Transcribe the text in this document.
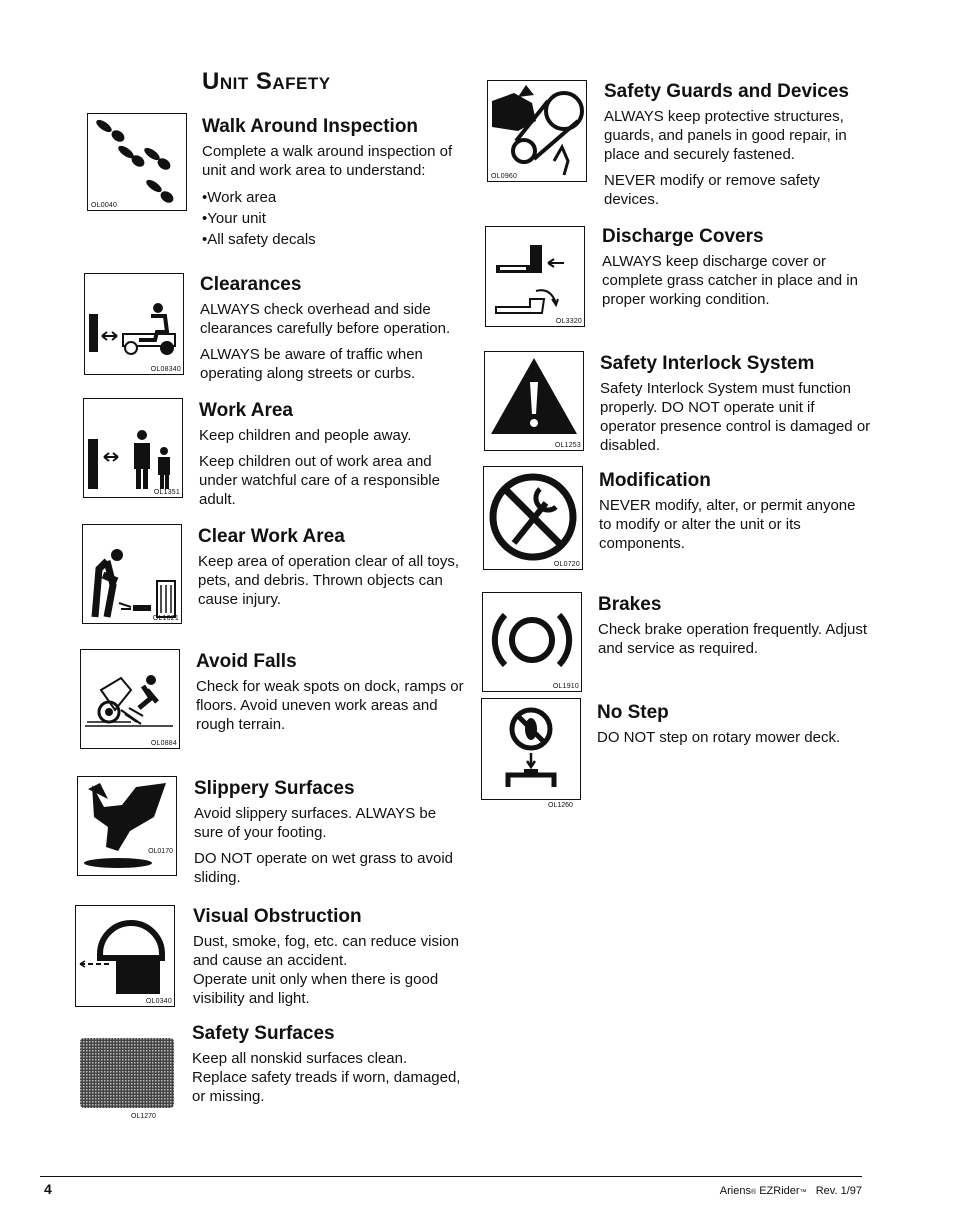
Unit Safety
OL0040
Walk Around Inspection

Complete a walk around inspection of unit and work area to understand:

• Work area
• Your unit
• All safety decals
OL08340
Clearances

ALWAYS check overhead and side clearances carefully before operation.

ALWAYS be aware of traffic when operating along streets or curbs.

OL1351
Work Area

Keep children and people away.

Keep children out of work area and under watchful care of a responsible adult.

OL1021
Clear Work Area

Keep area of operation clear of all toys, pets, and debris. Thrown objects can cause injury.

OL0884
Avoid Falls

Check for weak spots on dock, ramps or floors. Avoid uneven work areas and rough terrain.

OL0170
Slippery Surfaces

Avoid slippery surfaces. ALWAYS be sure of your footing.

DO NOT operate on wet grass to avoid sliding.

OL0340
Visual Obstruction

Dust, smoke, fog, etc. can reduce vision and cause an accident.

Operate unit only when there is good visibility and light.

OL1270
Safety Surfaces

Keep all nonskid surfaces clean. Replace safety treads if worn, damaged, or missing.

OL0960
Safety Guards and Devices

ALWAYS keep protective structures, guards, and panels in good repair, in place and securely fastened.

NEVER modify or remove safety devices.

OL3320
Discharge Covers

ALWAYS keep discharge cover or complete grass catcher in place and in proper working condition.

OL1253
Safety Interlock System

Safety Interlock System must function properly. DO NOT operate unit if operator presence control is damaged or disabled.

OL0720
Modification

NEVER modify, alter, or permit anyone to modify or alter the unit or its components.

OL1910
Brakes

Check brake operation frequently. Adjust and service as required.

OL1260
No Step

DO NOT step on rotary mower deck.

4	Ariens® EZRider™ Rev. 1/97
